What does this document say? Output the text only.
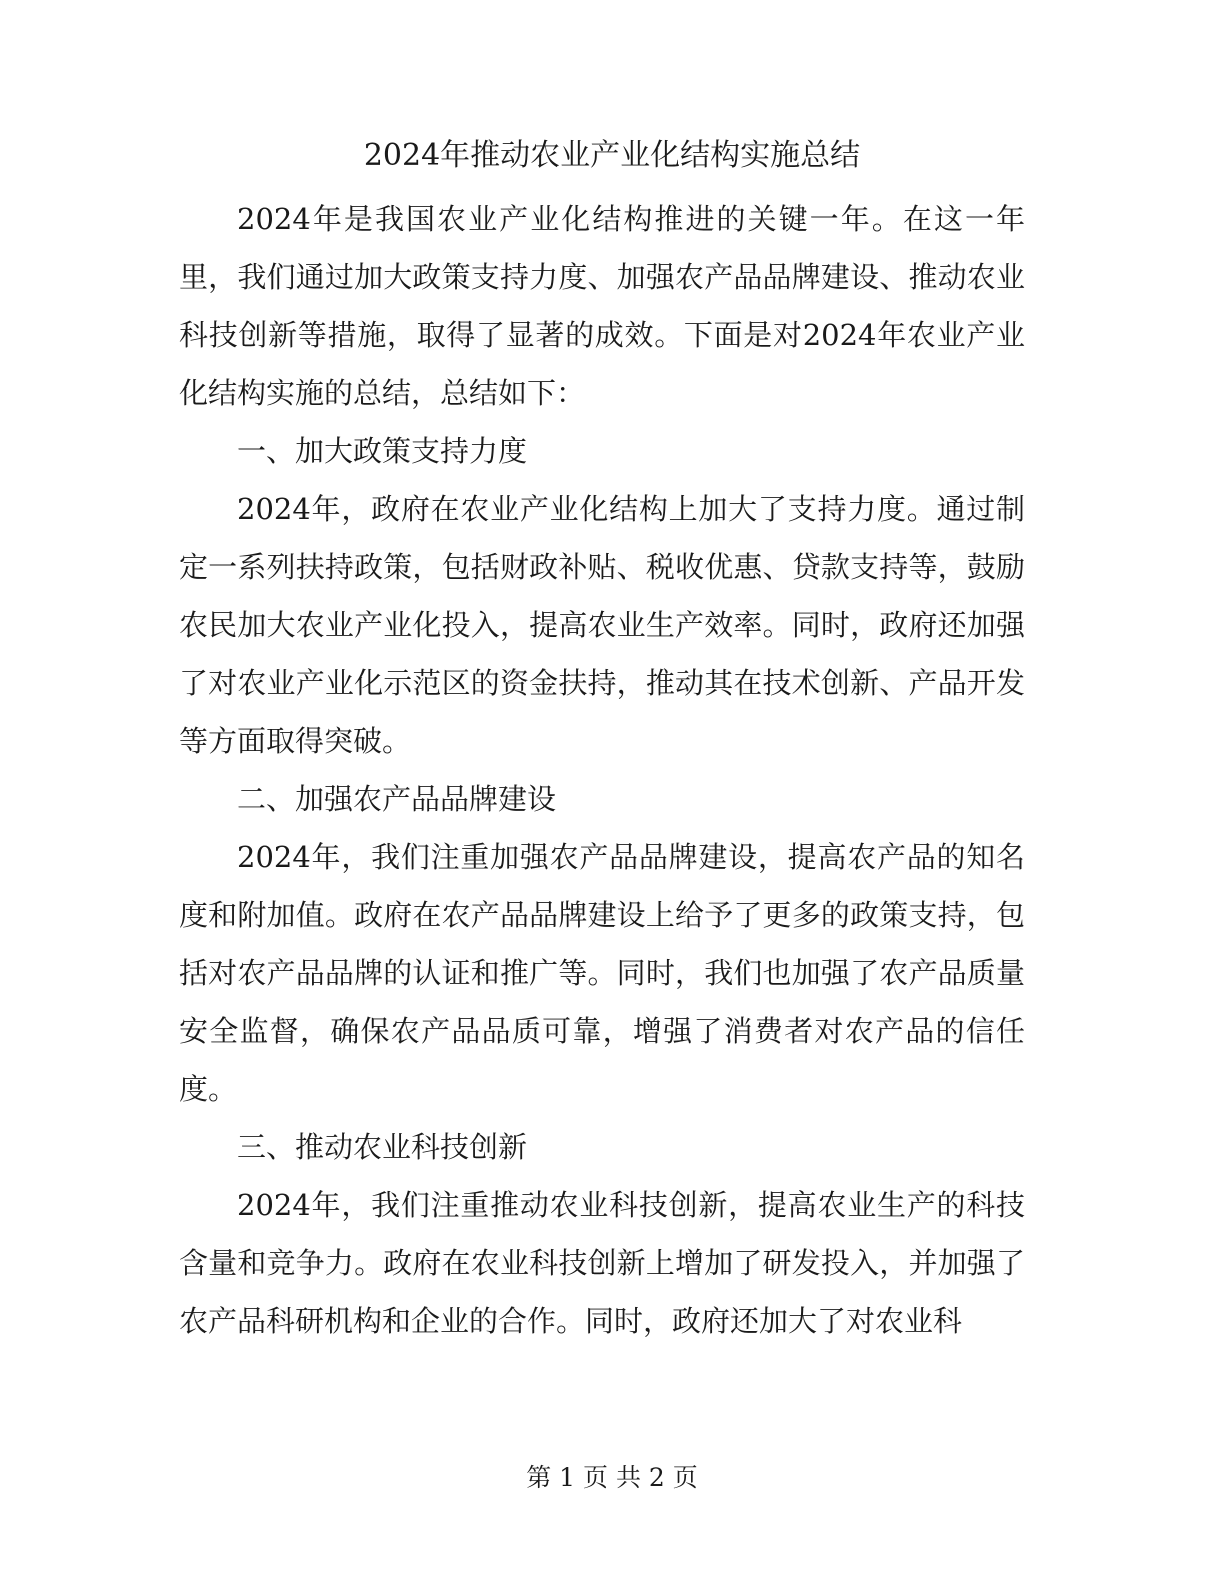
2024年推动农业产业化结构实施总结

2024年是我国农业产业化结构推进的关键一年。在这一年里，我们通过加大政策支持力度、加强农产品品牌建设、推动农业科技创新等措施，取得了显著的成效。下面是对2024年农业产业化结构实施的总结，总结如下：

一、加大政策支持力度

2024年，政府在农业产业化结构上加大了支持力度。通过制定一系列扶持政策，包括财政补贴、税收优惠、贷款支持等，鼓励农民加大农业产业化投入，提高农业生产效率。同时，政府还加强了对农业产业化示范区的资金扶持，推动其在技术创新、产品开发等方面取得突破。

二、加强农产品品牌建设

2024年，我们注重加强农产品品牌建设，提高农产品的知名度和附加值。政府在农产品品牌建设上给予了更多的政策支持，包括对农产品品牌的认证和推广等。同时，我们也加强了农产品质量安全监督，确保农产品品质可靠，增强了消费者对农产品的信任度。

三、推动农业科技创新

2024年，我们注重推动农业科技创新，提高农业生产的科技含量和竞争力。政府在农业科技创新上增加了研发投入，并加强了农产品科研机构和企业的合作。同时，政府还加大了对农业科

第 1 页 共 2 页
